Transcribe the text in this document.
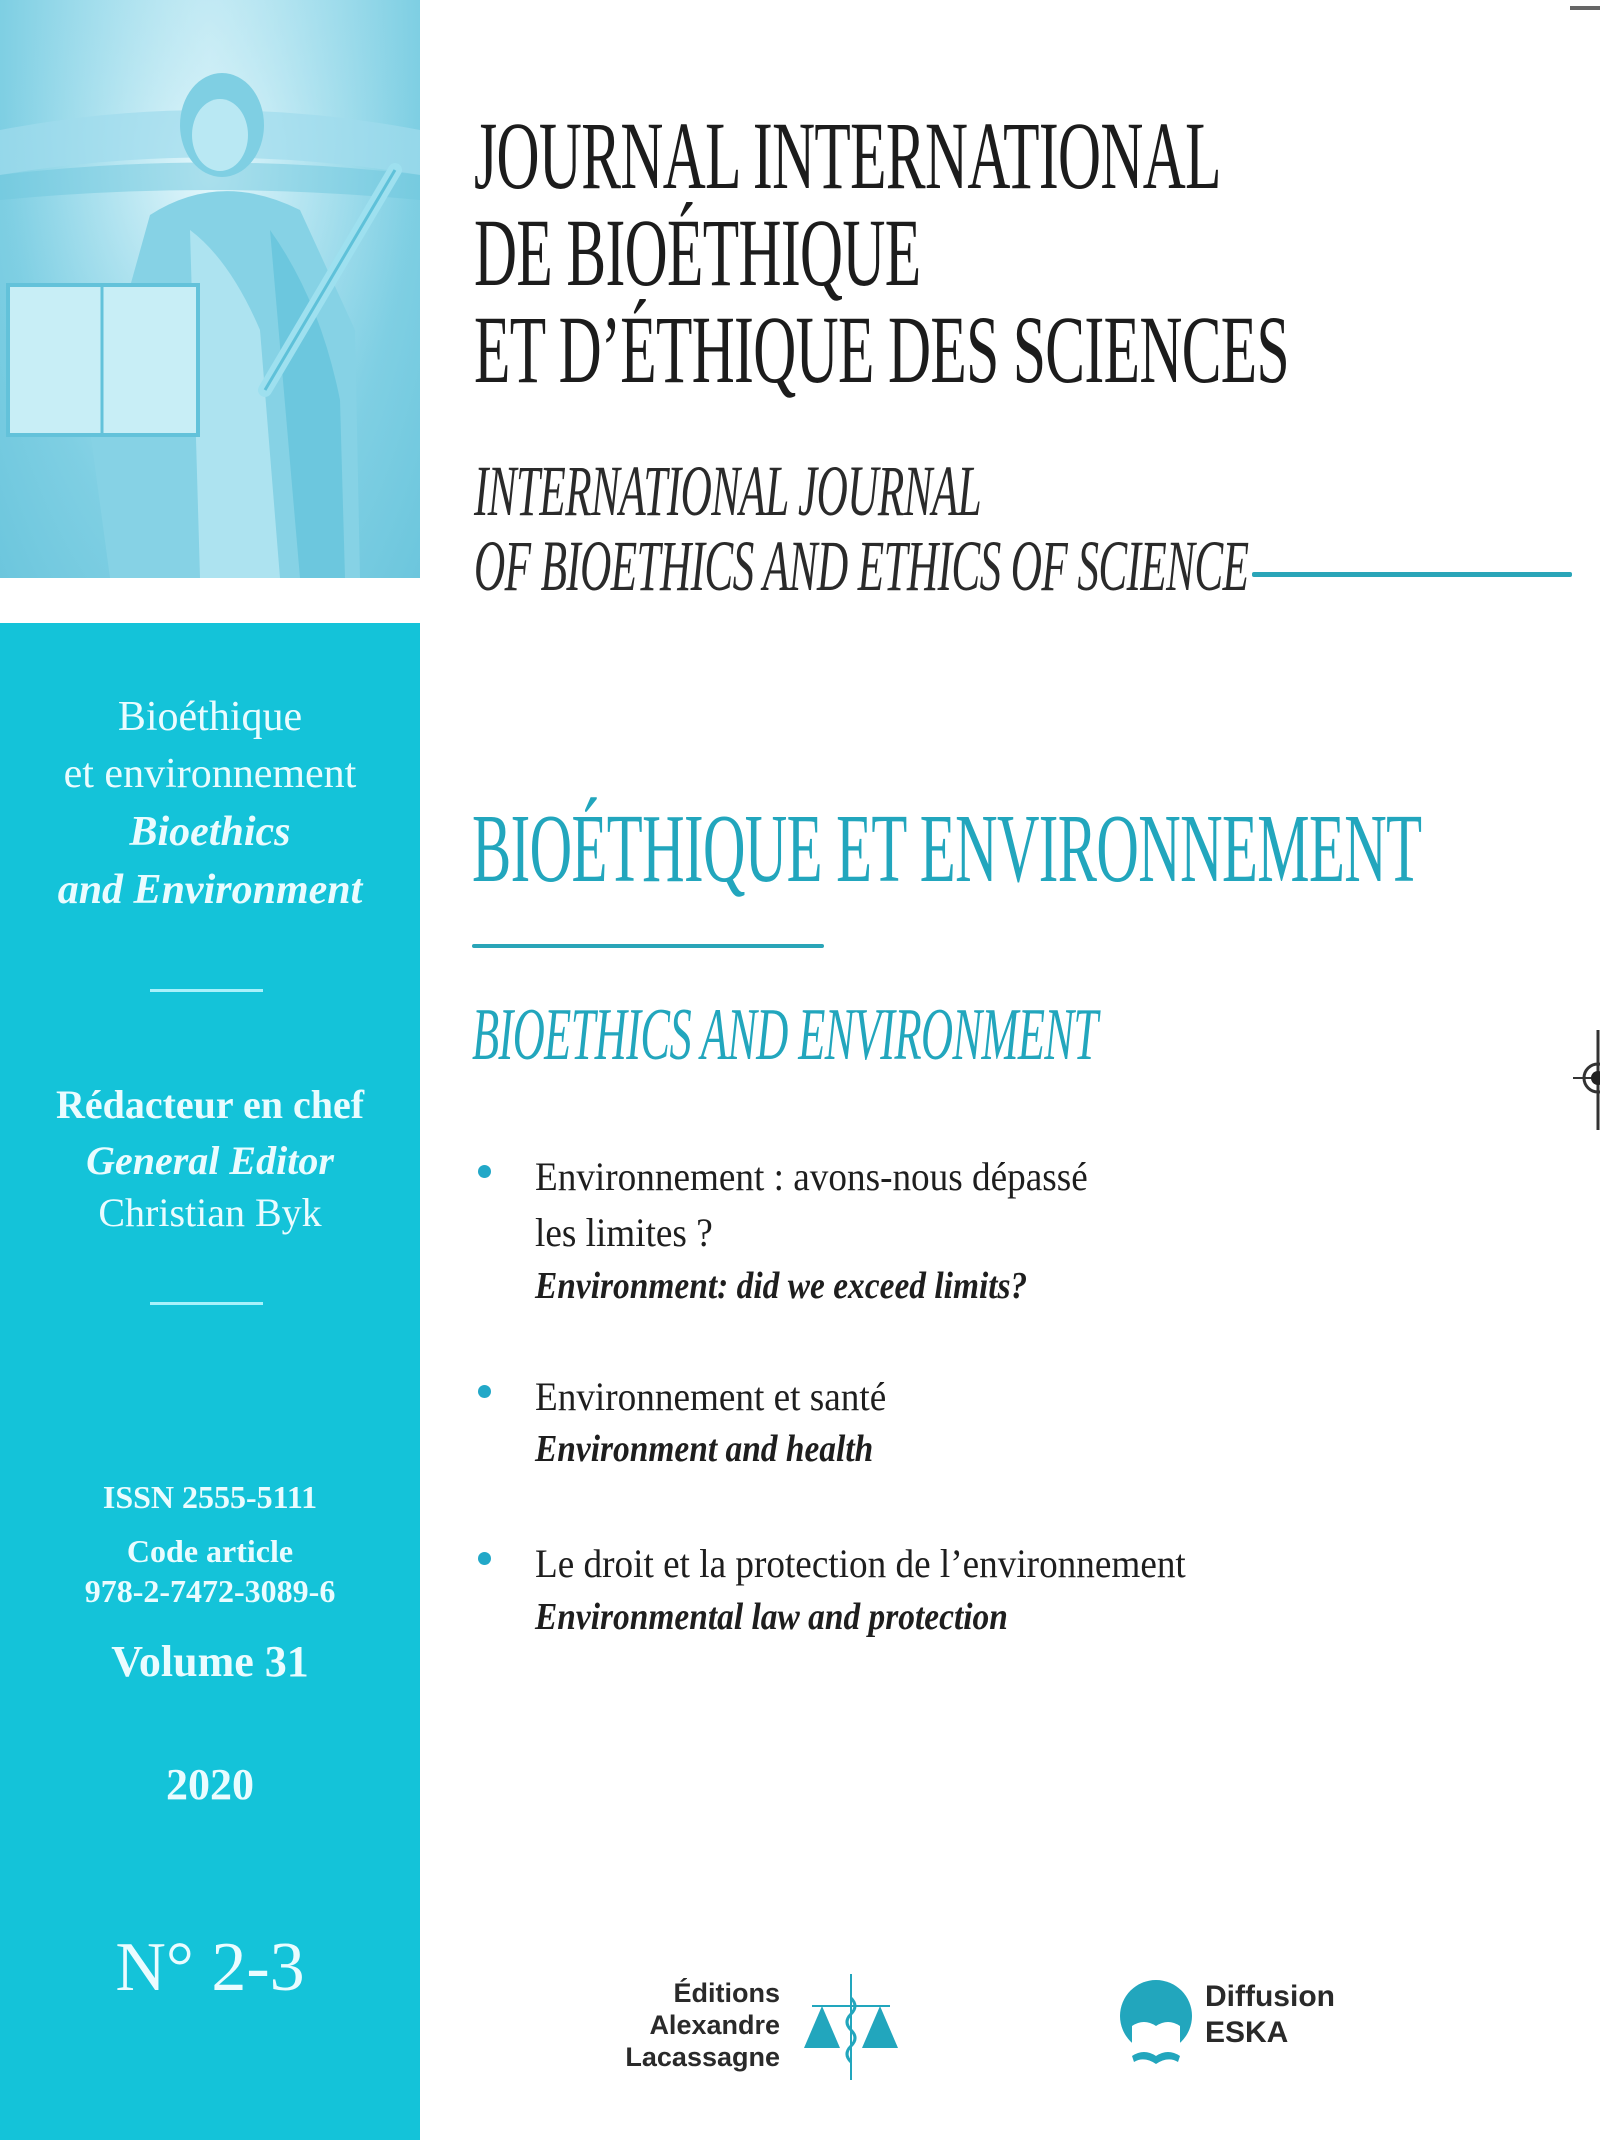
Bioéthique
et environnement
Bioethics
and Environment
Rédacteur en chef
General Editor
Christian Byk
ISSN 2555-5111
Code article
978-2-7472-3089-6
Volume 31
2020
N° 2-3
JOURNAL INTERNATIONAL
DE BIOÉTHIQUE
ET D’ÉTHIQUE DES SCIENCES
INTERNATIONAL JOURNAL
OF BIOETHICS AND ETHICS OF SCIENCE
BIOÉTHIQUE ET ENVIRONNEMENT
BIOETHICS AND ENVIRONMENT
Environnement : avons-nous dépassé
les limites ?
Environment: did we exceed limits?
Environnement et santé
Environment and health
Le droit et la protection de l’environnement
Environmental law and protection
Éditions
Alexandre
Lacassagne
Diffusion
ESKA
